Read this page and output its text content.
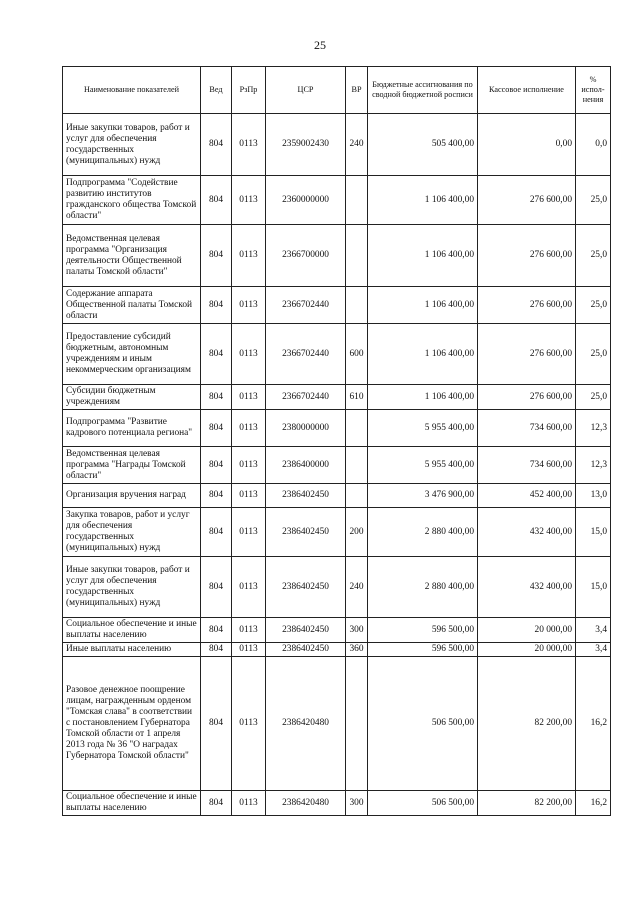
25
Наименование показателей	Вед	РзПр	ЦСР	ВР	Бюджетные ассигнования по сводной бюджетной росписи	Кассовое исполнение	% испол-нения
Иные закупки товаров, работ и услуг для обеспечения государственных (муниципальных) нужд	804	0113	2359002430	240	505 400,00	0,00	0,0
Подпрограмма "Содействие развитию институтов гражданского общества Томской области"	804	0113	2360000000		1 106 400,00	276 600,00	25,0
Ведомственная целевая программа "Организация деятельности Общественной палаты Томской области"	804	0113	2366700000		1 106 400,00	276 600,00	25,0
Содержание аппарата Общественной палаты Томской области	804	0113	2366702440		1 106 400,00	276 600,00	25,0
Предоставление субсидий бюджетным, автономным учреждениям и иным некоммерческим организациям	804	0113	2366702440	600	1 106 400,00	276 600,00	25,0
Субсидии бюджетным учреждениям	804	0113	2366702440	610	1 106 400,00	276 600,00	25,0
Подпрограмма "Развитие кадрового потенциала региона"	804	0113	2380000000		5 955 400,00	734 600,00	12,3
Ведомственная целевая программа "Награды Томской области"	804	0113	2386400000		5 955 400,00	734 600,00	12,3
Организация вручения наград	804	0113	2386402450		3 476 900,00	452 400,00	13,0
Закупка товаров, работ и услуг для обеспечения государственных (муниципальных) нужд	804	0113	2386402450	200	2 880 400,00	432 400,00	15,0
Иные закупки товаров, работ и услуг для обеспечения государственных (муниципальных) нужд	804	0113	2386402450	240	2 880 400,00	432 400,00	15,0
Социальное обеспечение и иные выплаты населению	804	0113	2386402450	300	596 500,00	20 000,00	3,4
Иные выплаты населению	804	0113	2386402450	360	596 500,00	20 000,00	3,4
Разовое денежное поощрение лицам, награжденным орденом "Томская слава" в соответствии с постановлением Губернатора Томской области от 1 апреля 2013 года № 36 "О наградах Губернатора Томской области"	804	0113	2386420480		506 500,00	82 200,00	16,2
Социальное обеспечение и иные выплаты населению	804	0113	2386420480	300	506 500,00	82 200,00	16,2
